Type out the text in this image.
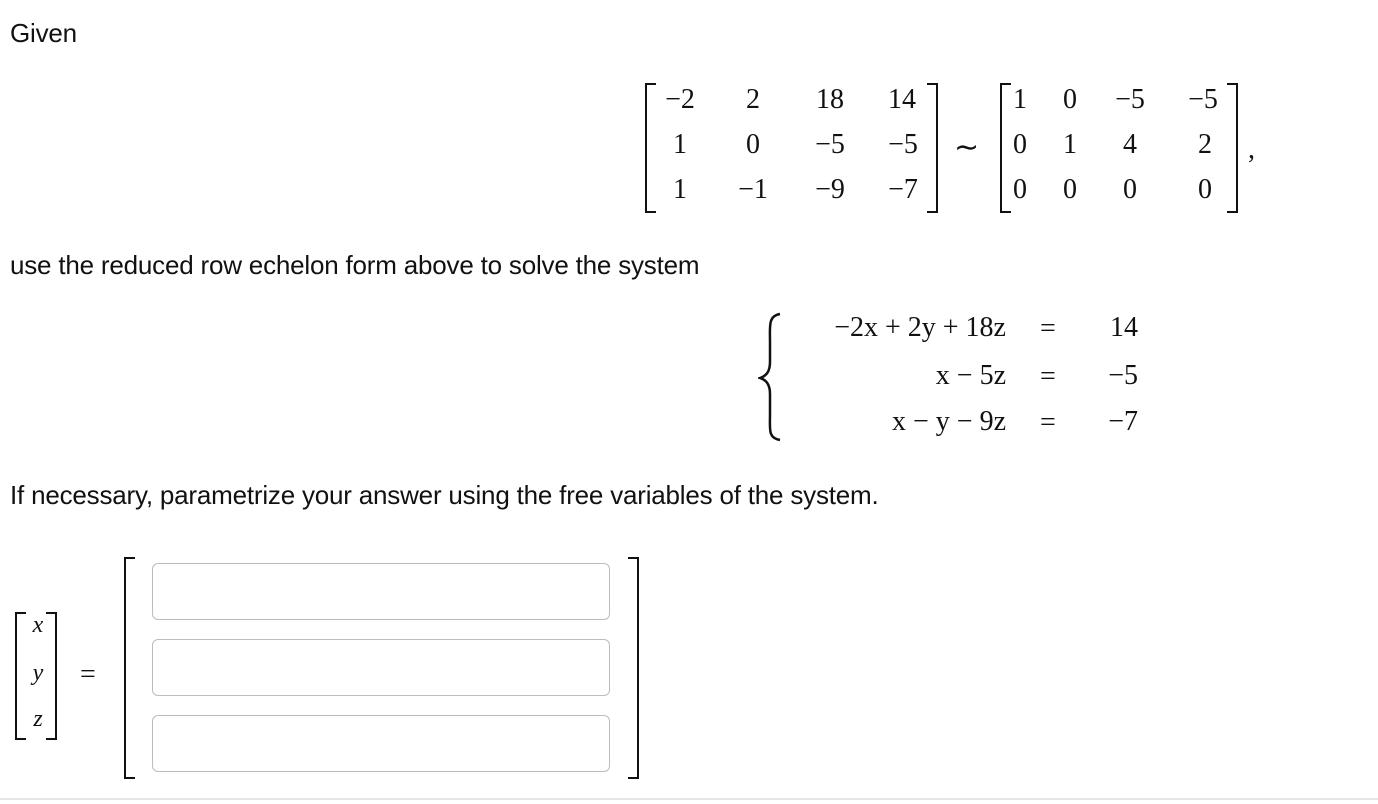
Given
−2	2	18 14
1	0	−5	−5
1	−1	−9	−7
∼
1 0	−5	−5
0 1 4 2
0 0 0 0
,
use the reduced row echelon form above to solve the system
−2x + 2y + 18z =	14
x − 5z =	−5
x − y − 9z =	−7
If necessary, parametrize your answer using the free variables of the system.
x
y
z
=
